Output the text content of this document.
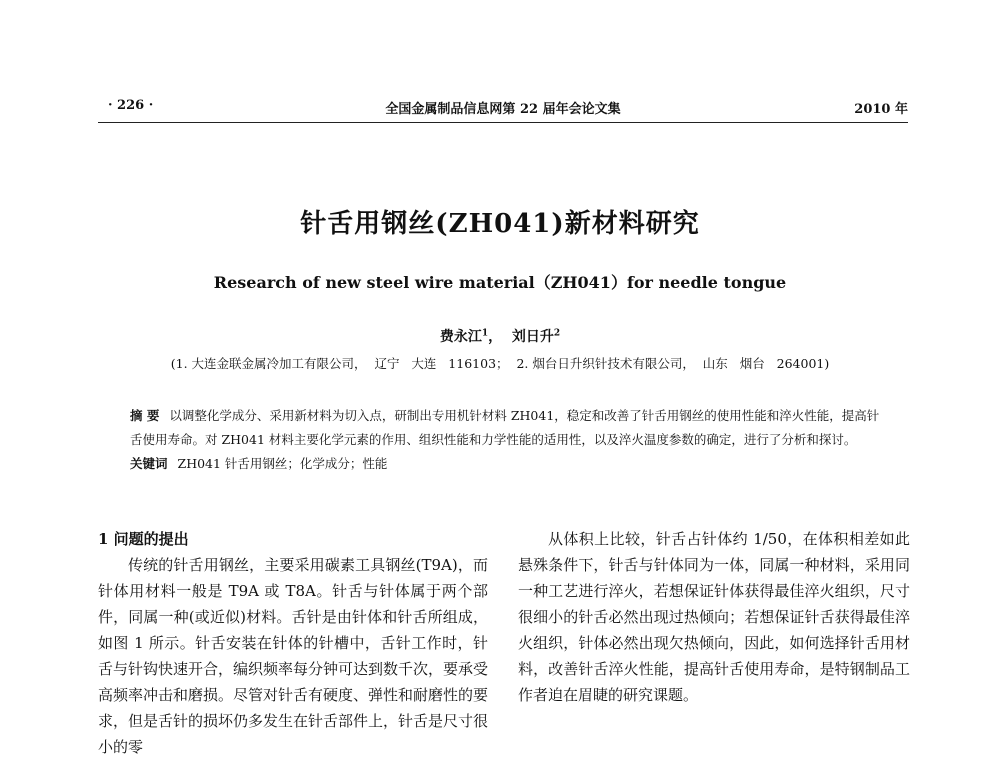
· 226 ·	全国金属制品信息网第 22 届年会论文集	2010 年
针舌用钢丝(ZH041)新材料研究
Research of new steel wire material（ZH041）for needle tongue
费永江$^1$， 刘日升$^2$
(1. 大连金联金属冷加工有限公司，  辽宁   大连   116103；  2. 烟台日升织针技术有限公司，  山东   烟台   264001)

摘 要 以调整化学成分、采用新材料为切入点，研制出专用机针材料 ZH041，稳定和改善了针舌用钢丝的使用性能和淬火性能，提高针舌使用寿命。对 ZH041 材料主要化学元素的作用、组织性能和力学性能的适用性，以及淬火温度参数的确定，进行了分析和探讨。

关键词 ZH041 针舌用钢丝；化学成分；性能

1 问题的提出

传统的针舌用钢丝，主要采用碳素工具钢丝(T9A)，而针体用材料一般是 T9A 或 T8A。针舌与针体属于两个部件，同属一种(或近似)材料。舌针是由针体和针舌所组成，如图 1 所示。针舌安装在针体的针槽中，舌针工作时，针舌与针钩快速开合，编织频率每分钟可达到数千次，要承受高频率冲击和磨损。尽管对针舌有硬度、弹性和耐磨性的要求，但是舌针的损坏仍多发生在针舌部件上，针舌是尺寸很小的零

从体积上比较，针舌占针体约 1/50，在体积相差如此悬殊条件下，针舌与针体同为一体，同属一种材料，采用同一种工艺进行淬火，若想保证针体获得最佳淬火组织，尺寸很细小的针舌必然出现过热倾向；若想保证针舌获得最佳淬火组织，针体必然出现欠热倾向，因此，如何选择针舌用材料，改善针舌淬火性能，提高针舌使用寿命，是特钢制品工作者迫在眉睫的研究课题。
